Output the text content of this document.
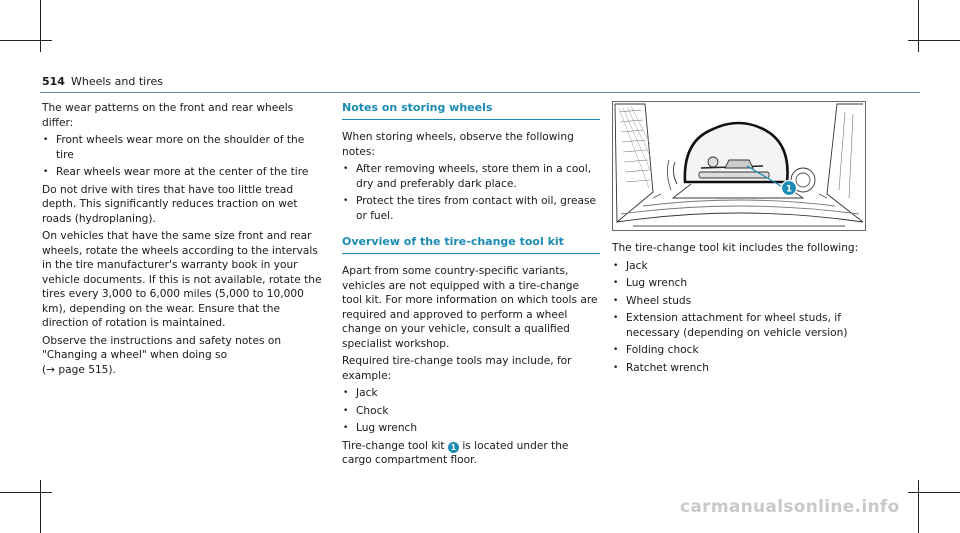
514 Wheels and tires

The wear patterns on the front and rear wheels differ:

• Front wheels wear more on the shoulder of the tire
• Rear wheels wear more at the center of the tire

Do not drive with tires that have too little tread depth. This significantly reduces traction on wet roads (hydroplaning).

On vehicles that have the same size front and rear wheels, rotate the wheels according to the intervals in the tire manufacturer's warranty book in your vehicle documents. If this is not available, rotate the tires every 3,000 to 6,000 miles (5,000 to 10,000 km), depending on the wear. Ensure that the direction of rotation is maintained.

Observe the instructions and safety notes on "Changing a wheel" when doing so
(→ page 515).

Notes on storing wheels

When storing wheels, observe the following notes:

• After removing wheels, store them in a cool, dry and preferably dark place.
• Protect the tires from contact with oil, grease or fuel.
Overview of the tire-change tool kit

Apart from some country-specific variants, vehicles are not equipped with a tire-change tool kit. For more information on which tools are required and approved to perform a wheel change on your vehicle, consult a qualified specialist workshop.

Required tire-change tools may include, for example:

• Jack
• Chock
• Lug wrench

Tire-change tool kit 1 is located under the cargo compartment floor.

1

The tire-change tool kit includes the following:

• Jack
• Lug wrench
• Wheel studs
• Extension attachment for wheel studs, if necessary (depending on vehicle version)
• Folding chock
• Ratchet wrench
carmanualsonline.info
